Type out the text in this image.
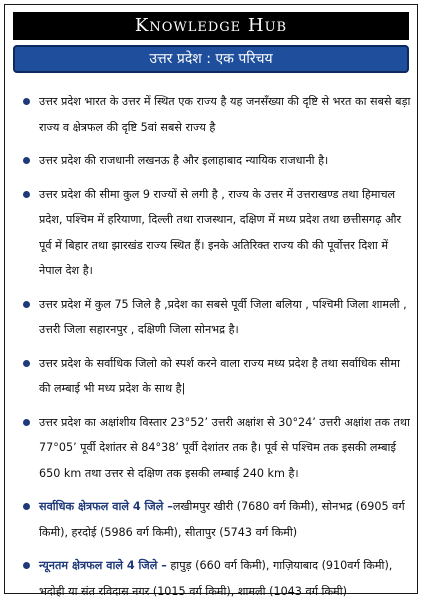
Knowledge Hub
उत्तर प्रदेश : एक परिचय
उत्तर प्रदेश भारत के उत्तर में स्थित एक राज्य है यह जनसँख्या की दृष्टि से भरत का सबसे बड़ा राज्य व क्षेत्रफल की दृष्टि 5वां सबसे राज्य है
उत्तर प्रदेश की राजधानी लखनऊ है और इलाहाबाद न्यायिक राजधानी है।
उत्तर प्रदेश की सीमा कुल 9 राज्यों से लगी है , राज्य के उत्तर में उत्तराखण्ड तथा हिमाचल प्रदेश, पश्चिम में हरियाणा, दिल्ली तथा राजस्थान, दक्षिण में मध्य प्रदेश तथा छत्तीसगढ़ और पूर्व में बिहार तथा झारखंड राज्य स्थित हैं। इनके अतिरिक्त राज्य की की पूर्वोत्तर दिशा में नेपाल देश है।
उत्तर प्रदेश में कुल 75 जिले है ,प्रदेश का सबसे पूर्वी जिला बलिया , पश्चिमी जिला शामली , उत्तरी जिला सहारनपुर , दक्षिणी जिला सोनभद्र है।
उत्तर प्रदेश के सर्वाधिक जिलो को स्पर्श करने वाला राज्य मध्य प्रदेश है तथा सर्वाधिक सीमा की लम्बाई भी मध्य प्रदेश के साथ है|
उत्तर प्रदेश का अक्षांशीय विस्तार 23°52’ उत्तरी अक्षांश से 30°24’ उत्तरी अक्षांश तक तथा 77°05’ पूर्वी देशांतर से 84°38’ पूर्वी देशांतर तक है। पूर्व से पश्चिम तक इसकी लम्बाई 650 km तथा उत्तर से दक्षिण तक इसकी लम्बाई 240 km है।
सर्वाधिक क्षेत्रफल वाले 4 जिले –लखीमपुर खीरी (7680 वर्ग किमी), सोनभद्र (6905 वर्ग किमी), हरदोई (5986 वर्ग किमी), सीतापुर (5743 वर्ग किमी)
न्यूनतम क्षेत्रफल वाले 4 जिले – हापुड़ (660 वर्ग किमी), गाज़ियाबाद (910वर्ग किमी), भदोही या संत रविदास नगर (1015 वर्ग किमी), शामली (1043 वर्ग किमी)
